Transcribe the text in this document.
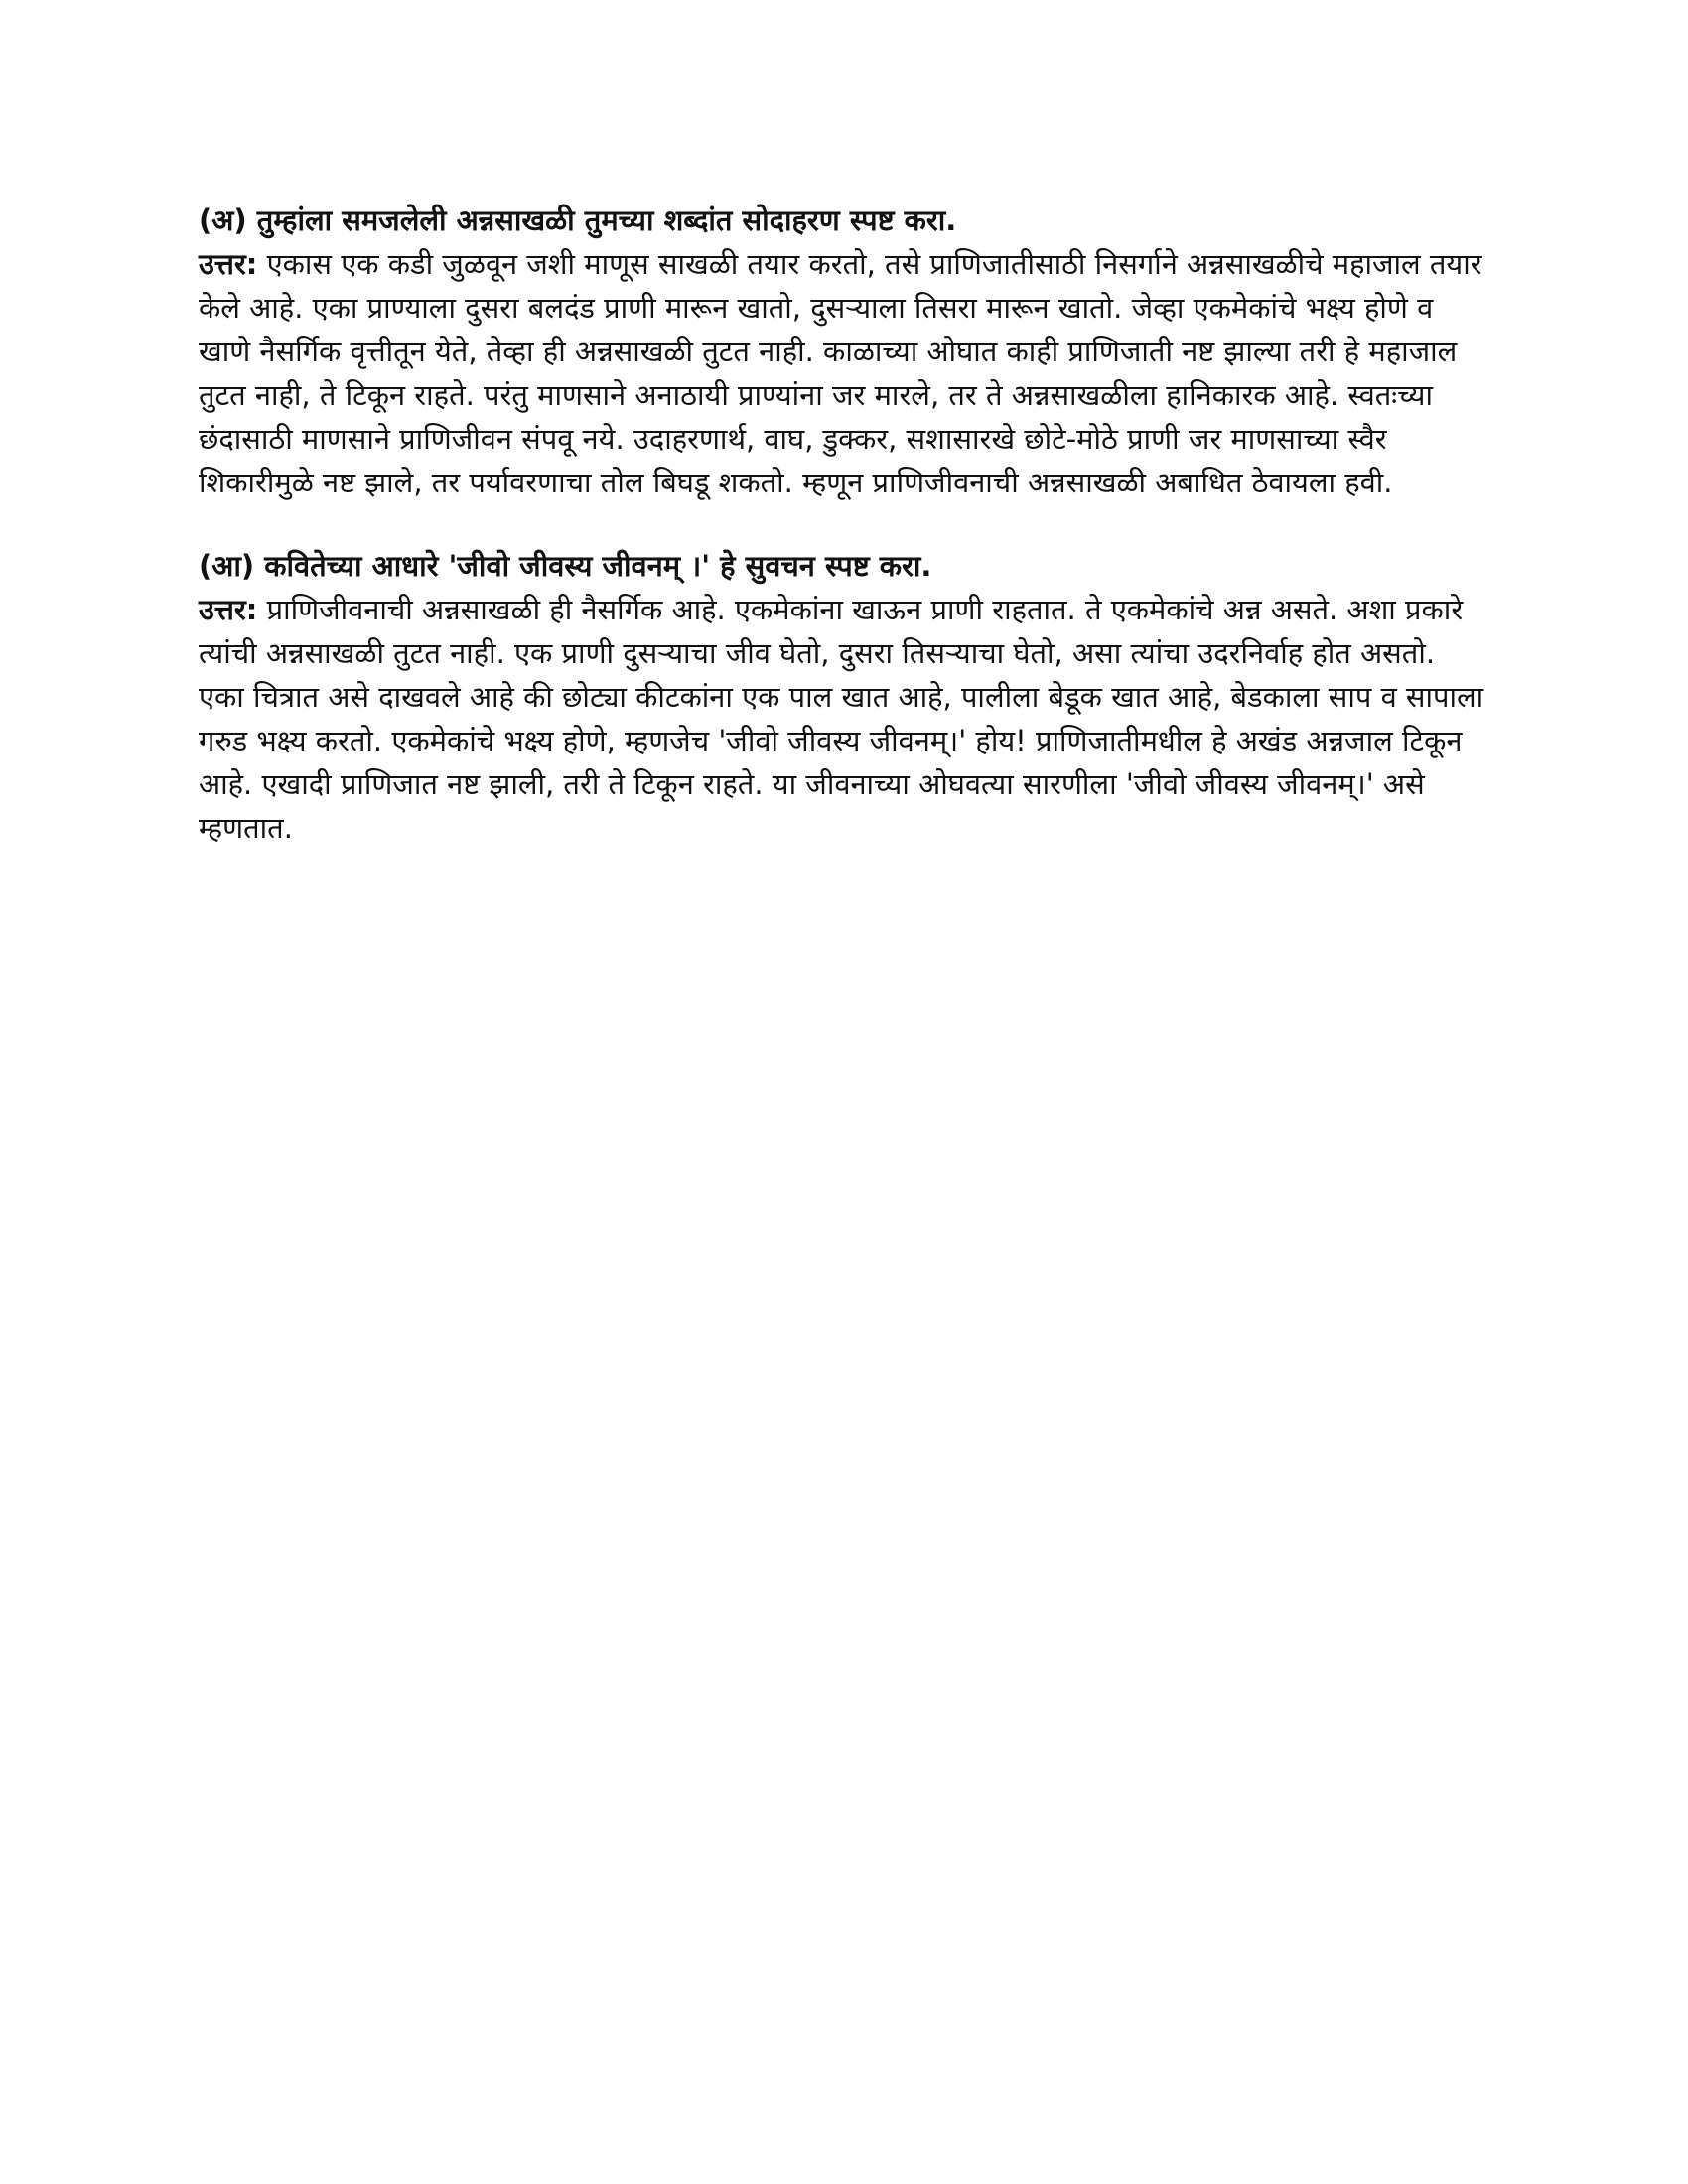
(अ) तुम्हांला समजलेली अन्नसाखळी तुमच्या शब्दांत सोदाहरण स्पष्ट करा.

उत्तर: एकास एक कडी जुळवून जशी माणूस साखळी तयार करतो, तसे प्राणिजातीसाठी निसर्गाने अन्नसाखळीचे महाजाल तयार केले आहे. एका प्राण्याला दुसरा बलदंड प्राणी मारून खातो, दुसऱ्याला तिसरा मारून खातो. जेव्हा एकमेकांचे भक्ष्य होणे व खाणे नैसर्गिक वृत्तीतून येते, तेव्हा ही अन्नसाखळी तुटत नाही. काळाच्या ओघात काही प्राणिजाती नष्ट झाल्या तरी हे महाजाल तुटत नाही, ते टिकून राहते. परंतु माणसाने अनाठायी प्राण्यांना जर मारले, तर ते अन्नसाखळीला हानिकारक आहे. स्वतःच्या छंदासाठी माणसाने प्राणिजीवन संपवू नये. उदाहरणार्थ, वाघ, डुक्कर, सशासारखे छोटे-मोठे प्राणी जर माणसाच्या स्वैर शिकारीमुळे नष्ट झाले, तर पर्यावरणाचा तोल बिघडू शकतो. म्हणून प्राणिजीवनाची अन्नसाखळी अबाधित ठेवायला हवी.

(आ) कवितेच्या आधारे 'जीवो जीवस्य जीवनम् ।' हे सुवचन स्पष्ट करा.

उत्तर: प्राणिजीवनाची अन्नसाखळी ही नैसर्गिक आहे. एकमेकांना खाऊन प्राणी राहतात. ते एकमेकांचे अन्न असते. अशा प्रकारे त्यांची अन्नसाखळी तुटत नाही. एक प्राणी दुसऱ्याचा जीव घेतो, दुसरा तिसऱ्याचा घेतो, असा त्यांचा उदरनिर्वाह होत असतो. एका चित्रात असे दाखवले आहे की छोट्या कीटकांना एक पाल खात आहे, पालीला बेडूक खात आहे, बेडकाला साप व सापाला गरुड भक्ष्य करतो. एकमेकांचे भक्ष्य होणे, म्हणजेच 'जीवो जीवस्य जीवनम्।' होय! प्राणिजातीमधील हे अखंड अन्नजाल टिकून आहे. एखादी प्राणिजात नष्ट झाली, तरी ते टिकून राहते. या जीवनाच्या ओघवत्या सारणीला 'जीवो जीवस्य जीवनम्।' असे म्हणतात.
